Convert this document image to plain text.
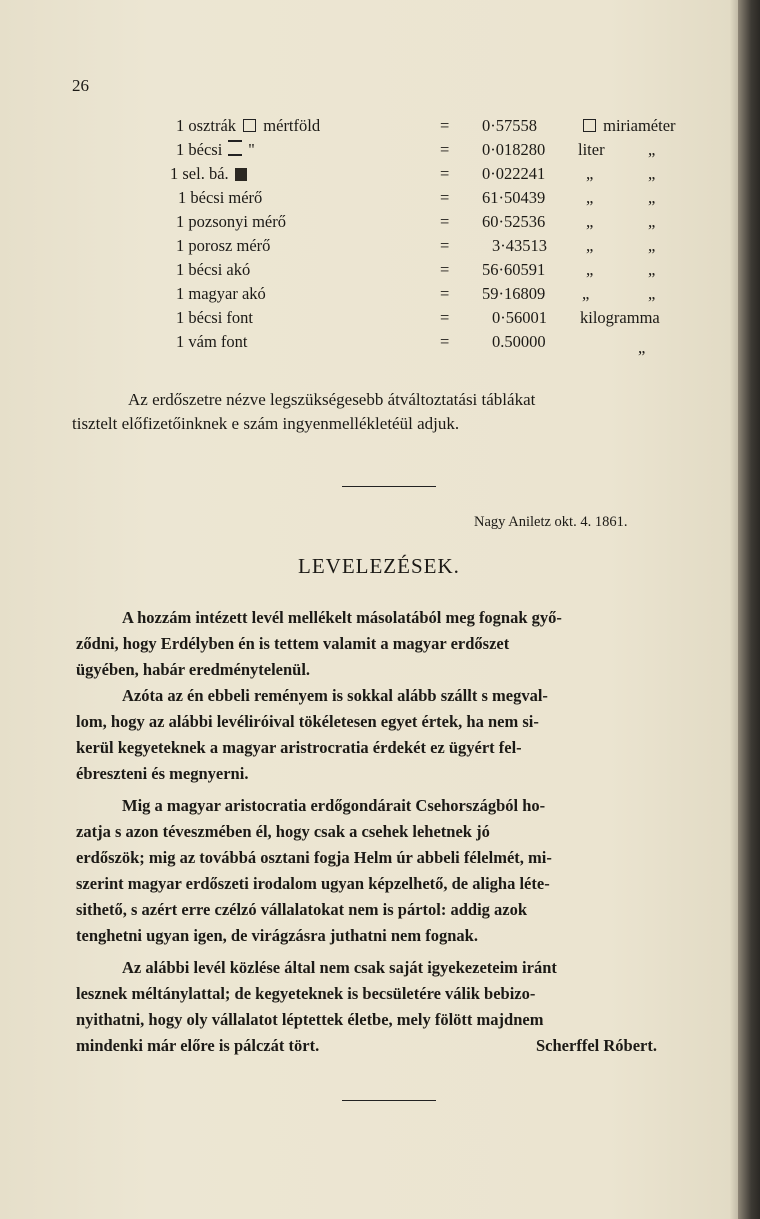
26
1 osztrák mértföld	= 0·57558	miriaméter
1 bécsi ''	= 0·018280 liter	„
1 sel. bá.	= 0·022241 „	„
1 bécsi mérő	= 61·50439 „	„
1 pozsonyi mérő	= 60·52536 „	„
1 porosz mérő	=	3·43513 „	„
1 bécsi akó	= 56·60591 „	„
1 magyar akó	= 59·16809 „	„
1 bécsi font	=	0·56001 kilogramma
1 vám font	=	0.50000	„
Az erdőszetre nézve legszükségesebb átváltoztatási táblákat
tisztelt előfizetőinknek e szám ingyenmellékletéül adjuk.
Nagy Aniletz okt. 4. 1861.
LEVELEZÉSEK.
A hozzám intézett levél mellékelt másolatából meg fognak győ-
ződni, hogy Erdélyben én is tettem valamit a magyar erdőszet
ügyében, habár eredménytelenül.
Azóta az én ebbeli reményem is sokkal alább szállt s megval-
lom, hogy az alábbi levéliróival tökéletesen egyet értek, ha nem si-
kerül kegyeteknek a magyar aristrocratia érdekét ez ügyért fel-
ébreszteni és megnyerni.
Mig a magyar aristocratia erdőgondárait Csehországból ho-
zatja s azon téveszmében él, hogy csak a csehek lehetnek jó
erdőszök; mig az továbbá osztani fogja Helm úr abbeli félelmét, mi-
szerint magyar erdőszeti irodalom ugyan képzelhető, de aligha léte-
sithető, s azért erre czélzó vállalatokat nem is pártol: addig azok
tenghetni ugyan igen, de virágzásra juthatni nem fognak.
Az alábbi levél közlése által nem csak saját igyekezeteim iránt
lesznek méltánylattal; de kegyeteknek is becsületére válik bebizo-
nyithatni, hogy oly vállalatot léptettek életbe, mely fölött majdnem
mindenki már előre is pálczát tört.	Scherffel Róbert.
